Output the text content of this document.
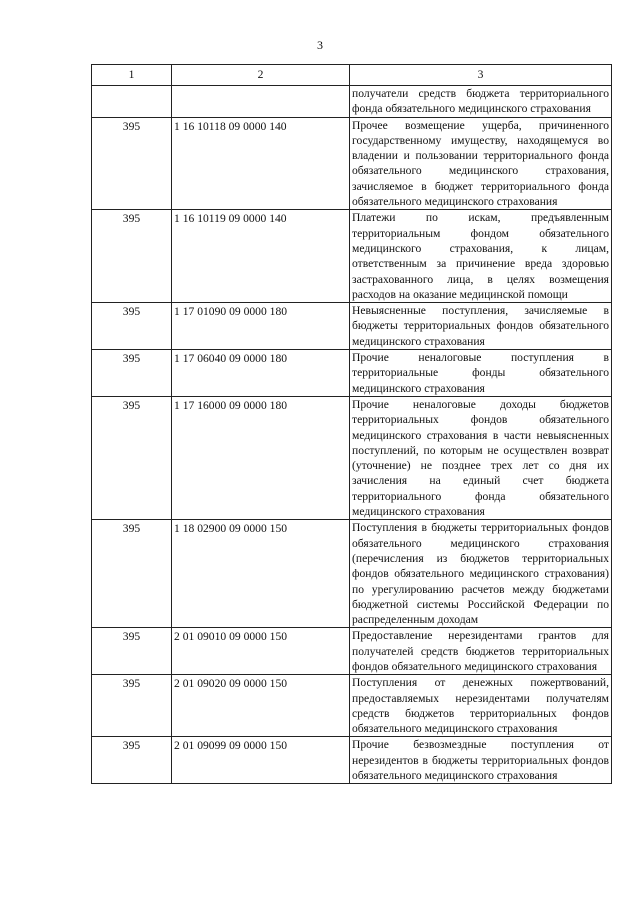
3
1	2	3
		получатели средств бюджета территориального фонда обязательного медицинского страхования
395	1 16 10118 09 0000 140	Прочее возмещение ущерба, причиненного государственному имуществу, находящемуся во владении и пользовании территориального фонда обязательного медицинского страхования, зачисляемое в бюджет территориального фонда обязательного медицинского страхования
395	1 16 10119 09 0000 140	Платежи по искам, предъявленным территориальным фондом обязательного медицинского страхования, к лицам, ответственным за причинение вреда здоровью застрахованного лица, в целях возмещения расходов на оказание медицинской помощи
395	1 17 01090 09 0000 180	Невыясненные поступления, зачисляемые в бюджеты территориальных фондов обязательного медицинского страхования
395	1 17 06040 09 0000 180	Прочие неналоговые поступления в территориальные фонды обязательного медицинского страхования
395	1 17 16000 09 0000 180	Прочие неналоговые доходы бюджетов территориальных фондов обязательного медицинского страхования в части невыясненных поступлений, по которым не осуществлен возврат (уточнение) не позднее трех лет со дня их зачисления на единый счет бюджета территориального фонда обязательного медицинского страхования
395	1 18 02900 09 0000 150	Поступления в бюджеты территориальных фондов обязательного медицинского страхования (перечисления из бюджетов территориальных фондов обязательного медицинского страхования) по урегулированию расчетов между бюджетами бюджетной системы Российской Федерации по распределенным доходам
395	2 01 09010 09 0000 150	Предоставление нерезидентами грантов для получателей средств бюджетов территориальных фондов обязательного медицинского страхования
395	2 01 09020 09 0000 150	Поступления от денежных пожертвований, предоставляемых нерезидентами получателям средств бюджетов территориальных фондов обязательного медицинского страхования
395	2 01 09099 09 0000 150	Прочие безвозмездные поступления от нерезидентов в бюджеты территориальных фондов обязательного медицинского страхования
